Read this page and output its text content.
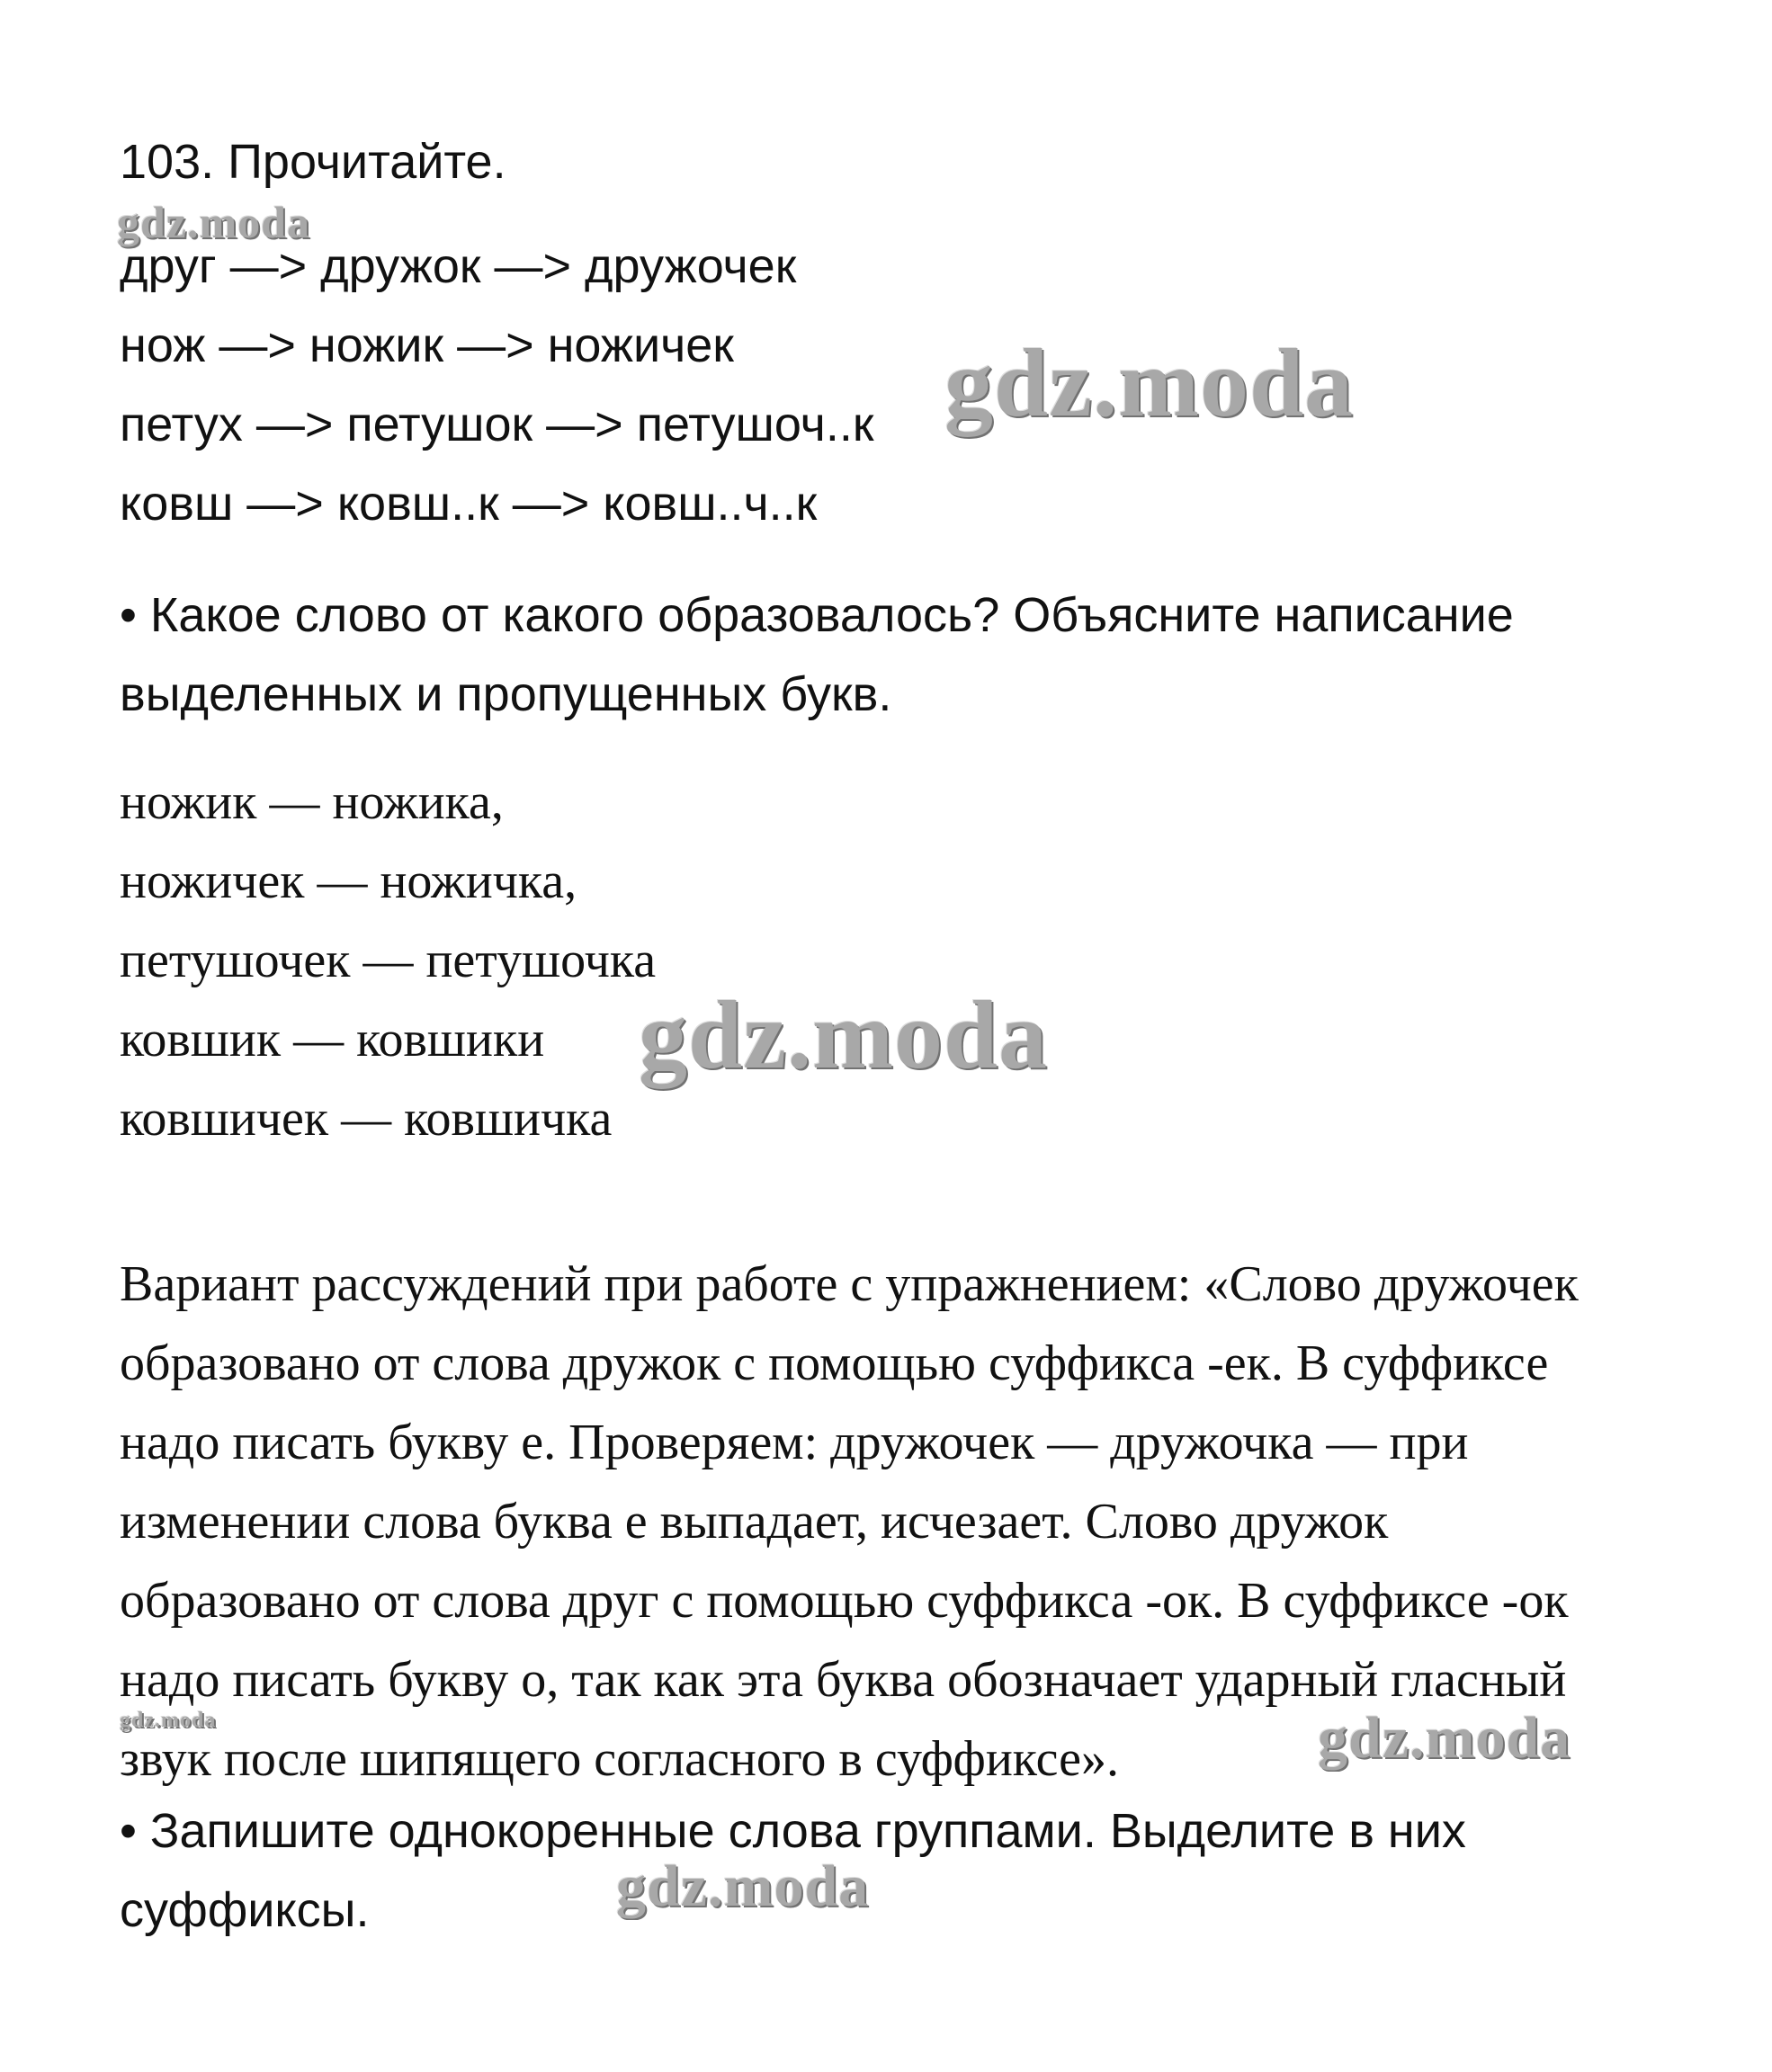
103. Прочитайте.
друг —> дружок —> дружочек
нож —> ножик —> ножичек
петух —> петушок —> петушоч..к
ковш —> ковш..к —> ковш..ч..к
• Какое слово от какого образовалось? Объясните написание
выделенных и пропущенных букв.
ножик — ножика,
ножичек — ножичка,
петушочек — петушочка
ковшик — ковшики
ковшичек — ковшичка
Вариант рассуждений при работе с упражнением: «Слово дружочек
образовано от слова дружок с помощью суффикса -ек. В суффиксе
надо писать букву е. Проверяем: дружочек — дружочка — при
изменении слова буква е выпадает, исчезает. Слово дружок
образовано от слова друг с помощью суффикса -ок. В суффиксе -ок
надо писать букву о, так как эта буква обозначает ударный гласный
звук после шипящего согласного в суффиксе».
• Запишите однокоренные слова группами. Выделите в них
суффиксы.
gdz.moda
gdz.moda
gdz.moda
gdz.moda	gdz.moda
gdz.moda
